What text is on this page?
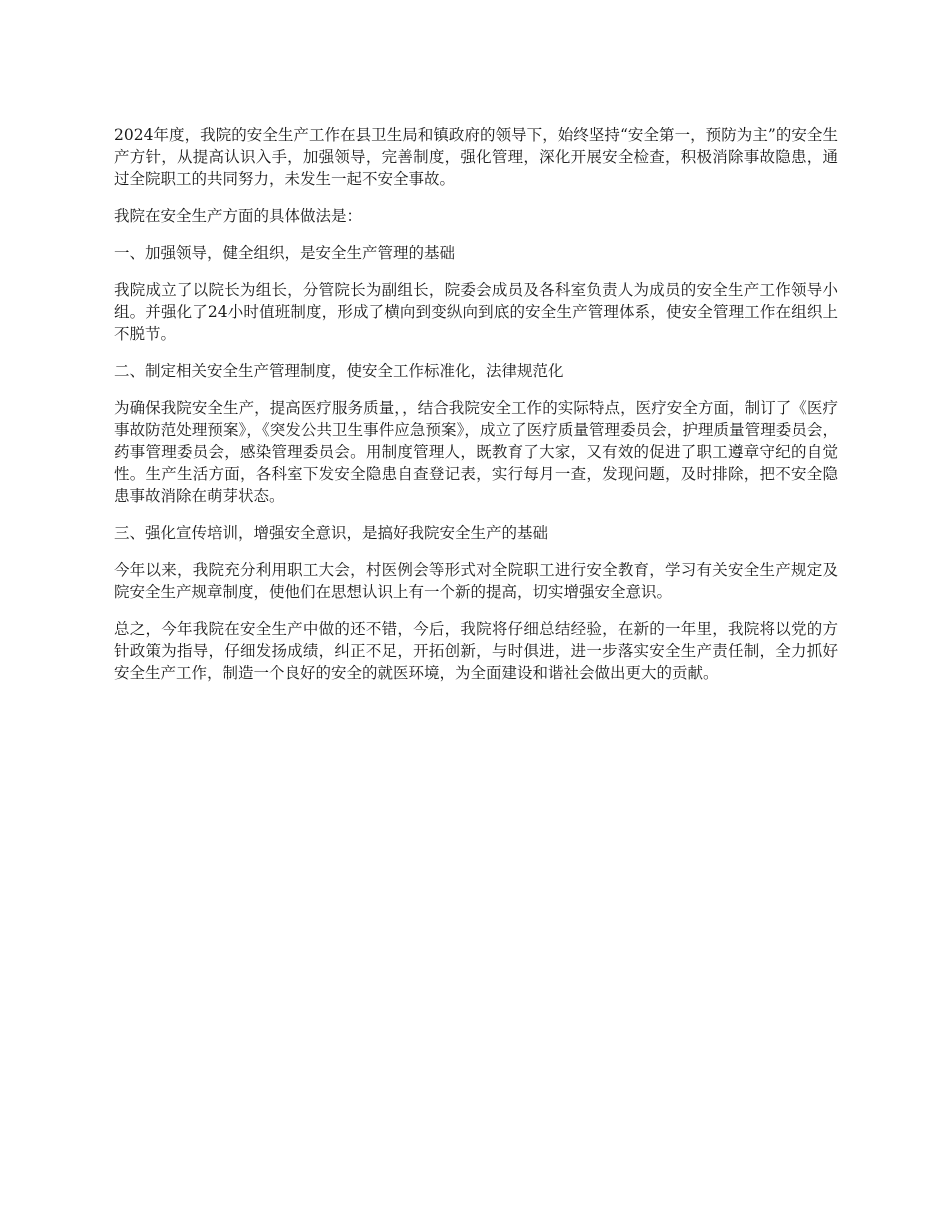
2024年度，我院的安全生产工作在县卫生局和镇政府的领导下，始终坚持“安全第一，预防为主”的安全生产方针，从提高认识入手，加强领导，完善制度，强化管理，深化开展安全检查，积极消除事故隐患，通过全院职工的共同努力，未发生一起不安全事故。

我院在安全生产方面的具体做法是：

一、加强领导，健全组织，是安全生产管理的基础

我院成立了以院长为组长，分管院长为副组长，院委会成员及各科室负责人为成员的安全生产工作领导小组。并强化了24小时值班制度，形成了横向到变纵向到底的安全生产管理体系，使安全管理工作在组织上不脱节。

二、制定相关安全生产管理制度，使安全工作标准化，法律规范化

为确保我院安全生产，提高医疗服务质量，，结合我院安全工作的实际特点，医疗安全方面，制订了《医疗事故防范处理预案》，《突发公共卫生事件应急预案》，成立了医疗质量管理委员会，护理质量管理委员会，药事管理委员会，感染管理委员会。用制度管理人，既教育了大家，又有效的促进了职工遵章守纪的自觉性。生产生活方面，各科室下发安全隐患自查登记表，实行每月一查，发现问题，及时排除，把不安全隐患事故消除在萌芽状态。

三、强化宣传培训，增强安全意识，是搞好我院安全生产的基础

今年以来，我院充分利用职工大会，村医例会等形式对全院职工进行安全教育，学习有关安全生产规定及院安全生产规章制度，使他们在思想认识上有一个新的提高，切实增强安全意识。

总之，今年我院在安全生产中做的还不错，今后，我院将仔细总结经验，在新的一年里，我院将以党的方针政策为指导，仔细发扬成绩，纠正不足，开拓创新，与时俱进，进一步落实安全生产责任制，全力抓好安全生产工作，制造一个良好的安全的就医环境，为全面建设和谐社会做出更大的贡献。
